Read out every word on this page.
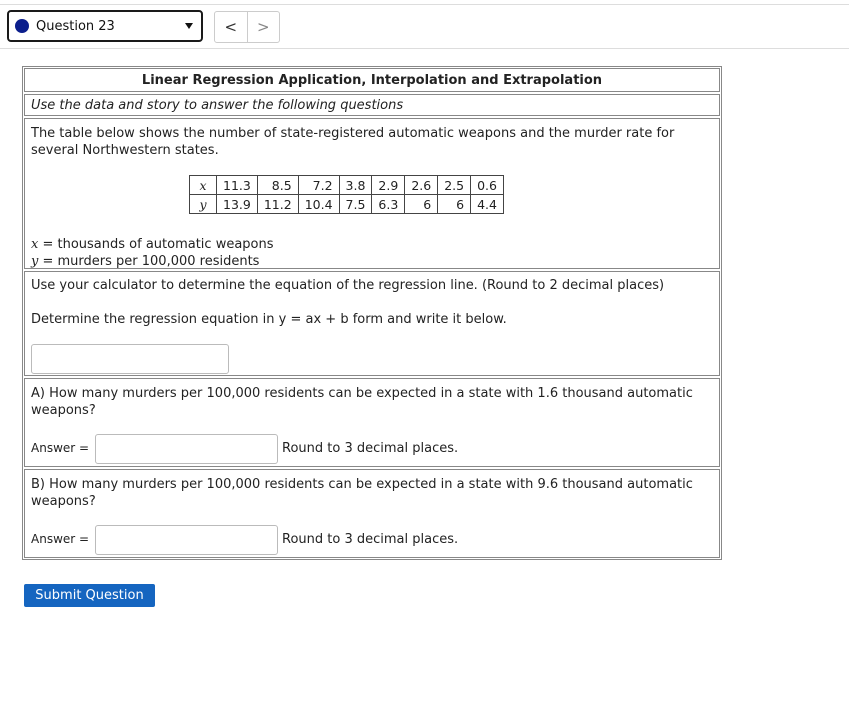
Question 23	<	>
Linear Regression Application, Interpolation and Extrapolation
Use the data and story to answer the following questions

The table below shows the number of state-registered automatic weapons and the murder rate for several Northwestern states.

x	11.3	8.5	7.2	3.8	2.9	2.6	2.5	0.6
y	13.9	11.2	10.4	7.5	6.3	6	6	4.4
x = thousands of automatic weapons
y = murders per 100,000 residents
Use your calculator to determine the equation of the regression line. (Round to 2 decimal places)
Determine the regression equation in y = ax + b form and write it below.
A) How many murders per 100,000 residents can be expected in a state with 1.6 thousand automatic weapons?
Answer =	Round to 3 decimal places.
B) How many murders per 100,000 residents can be expected in a state with 9.6 thousand automatic weapons?
Answer =	Round to 3 decimal places.
Submit Question
